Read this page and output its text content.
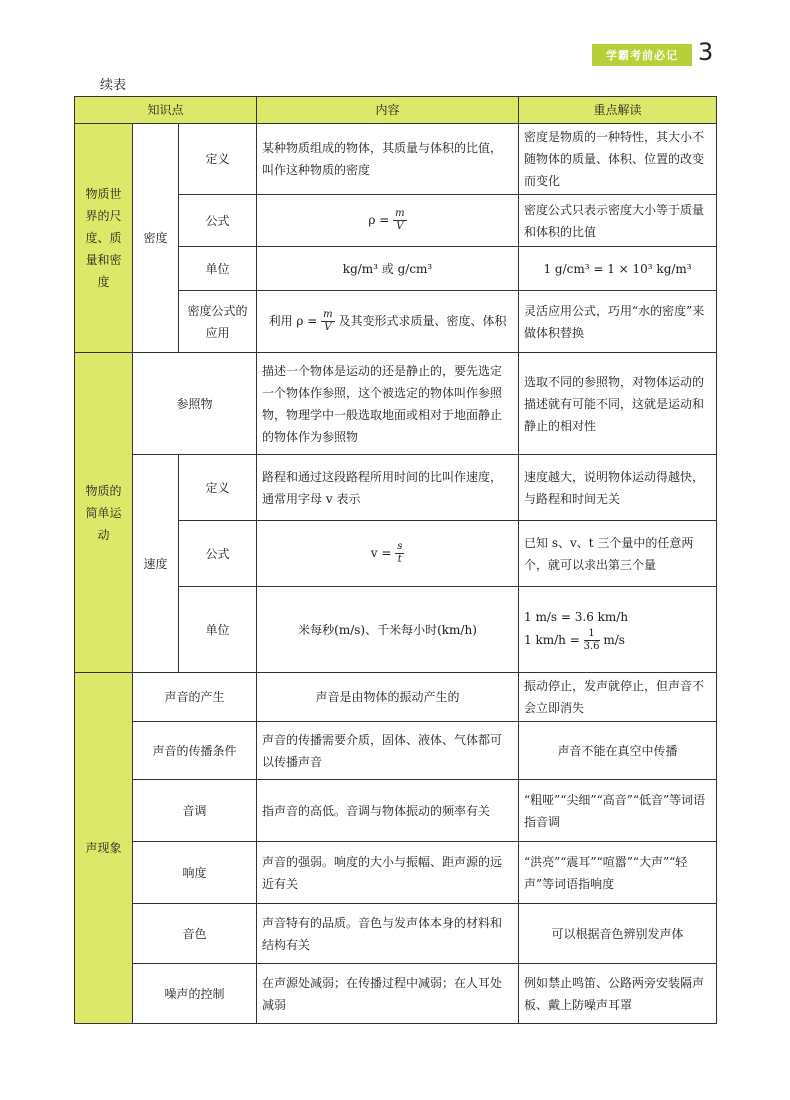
学霸考前必记 3
续表
知识点			内容	重点解读
物质世界的尺度、质量和密度	密度	定义	某种物质组成的物体，其质量与体积的比值，叫作这种物质的密度	密度是物质的一种特性，其大小不随物体的质量、体积、位置的改变而变化
		公式	$\rho = \frac{m}{V}$	密度公式只表示密度大小等于质量和体积的比值
		单位	kg/m³ 或 g/cm³	1 g/cm³ = 1 × 10³ kg/m³
		密度公式的应用	利用 $\rho = \frac{m}{V}$ 及其变形式求质量、密度、体积	灵活应用公式，巧用“水的密度”来做体积替换
物质的简单运动	参照物		描述一个物体是运动的还是静止的，要先选定一个物体作参照，这个被选定的物体叫作参照物，物理学中一般选取地面或相对于地面静止的物体作为参照物	选取不同的参照物，对物体运动的描述就有可能不同，这就是运动和静止的相对性
	速度	定义	路程和通过这段路程所用时间的比叫作速度，通常用字母 v 表示	速度越大，说明物体运动得越快，与路程和时间无关
		公式	$v = \frac{s}{t}$	已知 s、v、t 三个量中的任意两个，就可以求出第三个量
		单位	米每秒(m/s)、千米每小时(km/h)	1 m/s = 3.6 km/h
1 $km/h = \frac{1}{3.6} m/s$

声现象	声音的产生		声音是由物体的振动产生的	振动停止，发声就停止，但声音不会立即消失
	声音的传播条件		声音的传播需要介质，固体、液体、气体都可以传播声音	声音不能在真空中传播
	音调		指声音的高低。音调与物体振动的频率有关	“粗哑”“尖细”“高音”“低音”等词语指音调
	响度		声音的强弱。响度的大小与振幅、距声源的远近有关	“洪亮”“震耳”“喧嚣”“大声”“轻声”等词语指响度
	音色		声音特有的品质。音色与发声体本身的材料和结构有关	可以根据音色辨别发声体
	噪声的控制		在声源处减弱；在传播过程中减弱；在人耳处减弱	例如禁止鸣笛、公路两旁安装隔声板、戴上防噪声耳罩
